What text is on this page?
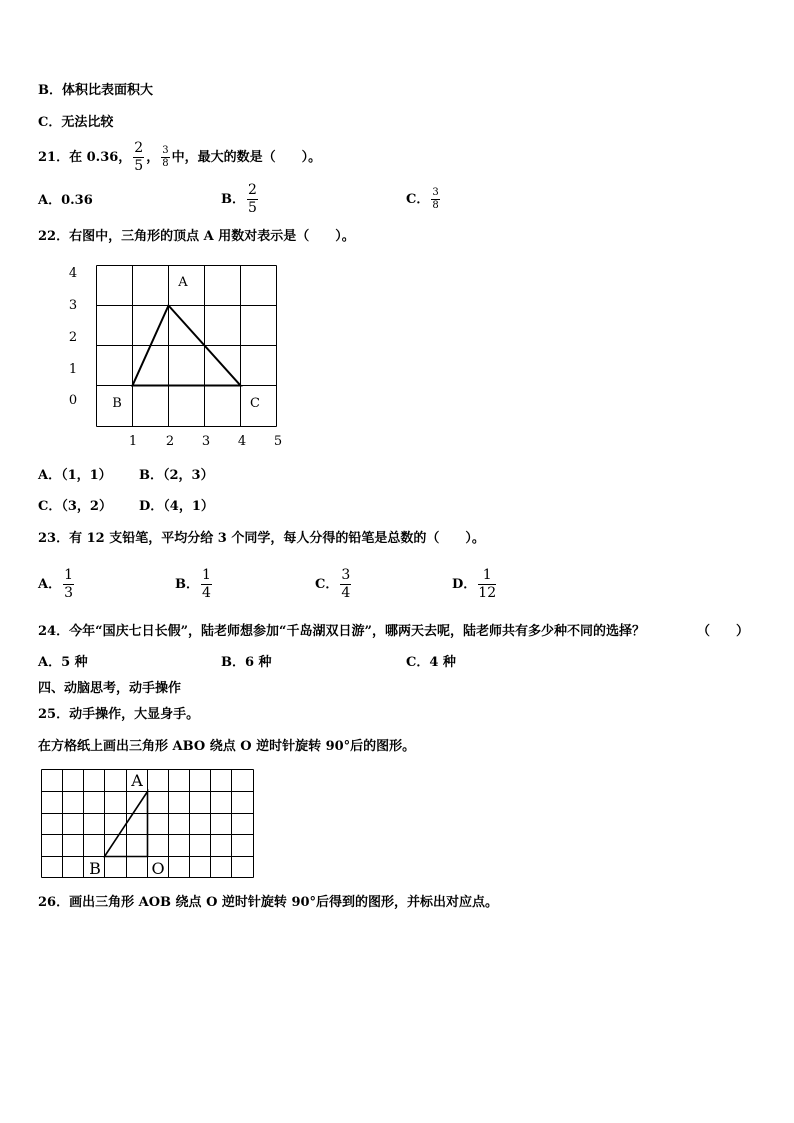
B．体积比表面积大
C．无法比较
21．在 0.36， $\frac{2}{5}$ ， $\frac{3}{8}$ 中，最大的数是（　　）。
A．0.36	B． $\frac{2}{5}$	C． $\frac{3}{8}$
22．右图中，三角形的顶点 A 用数对表示是（　　）。
4
3
2
1
0
1 2 3 4 5
A
B	C
A．（1，1） B．（2，3）
C．（3，2） D．（4，1）
23．有 12 支铅笔，平均分给 3 个同学，每人分得的铅笔是总数的（　　）。
A． $\frac{1}{3}$	B． $\frac{1}{4}$	C． $\frac{3}{4}$	D． $\frac{1}{12}$
24．今年“国庆七日长假”，陆老师想参加“千岛湖双日游”，哪两天去呢，陆老师共有多少种不同的选择？	（　　）
A．5 种	B．6 种	C．4 种
四、动脑思考，动手操作
25．动手操作，大显身手。
在方格纸上画出三角形 ABO 绕点 O 逆时针旋转 90°后的图形。
A
B	O
26．画出三角形 AOB 绕点 O 逆时针旋转 90°后得到的图形，并标出对应点。
